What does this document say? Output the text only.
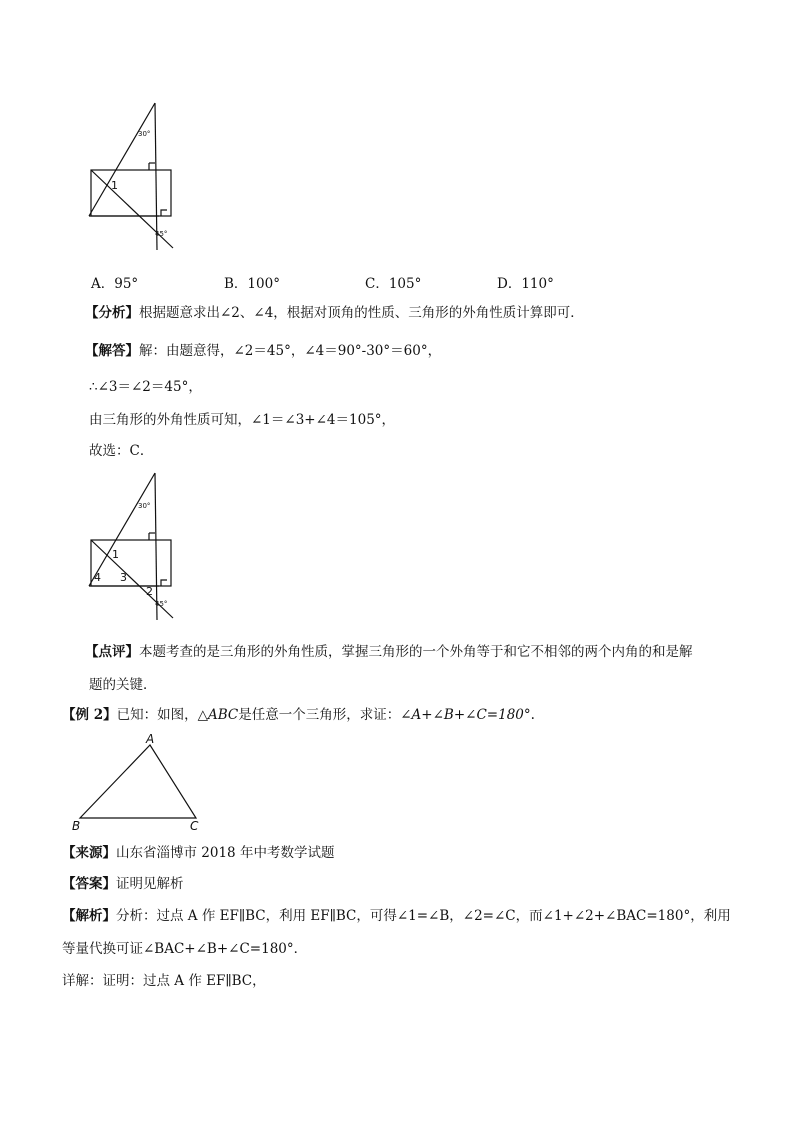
30°
1
45°
A．95°	B．100°	C．105°	D．110°
【分析】根据题意求出∠2、∠4，根据对顶角的性质、三角形的外角性质计算即可．
【解答】解：由题意得，∠2＝45°，∠4＝90°-30°＝60°，
∴∠3＝∠2＝45°，
由三角形的外角性质可知，∠1＝∠3+∠4＝105°，
故选：C．
30°
1
4 3
2
45°
【点评】本题考查的是三角形的外角性质，掌握三角形的一个外角等于和它不相邻的两个内角的和是解
题的关键．
【例 2】已知：如图，△ABC是任意一个三角形，求证：∠A+∠B+∠C=180°.
A
B	C
【来源】山东省淄博市 2018 年中考数学试题
【答案】证明见解析
【解析】分析：过点 A 作 EF∥BC，利用 EF∥BC，可得∠1=∠B，∠2=∠C，而∠1+∠2+∠BAC=180°，利用
等量代换可证∠BAC+∠B+∠C=180°．
详解：证明：过点 A 作 EF∥BC，
